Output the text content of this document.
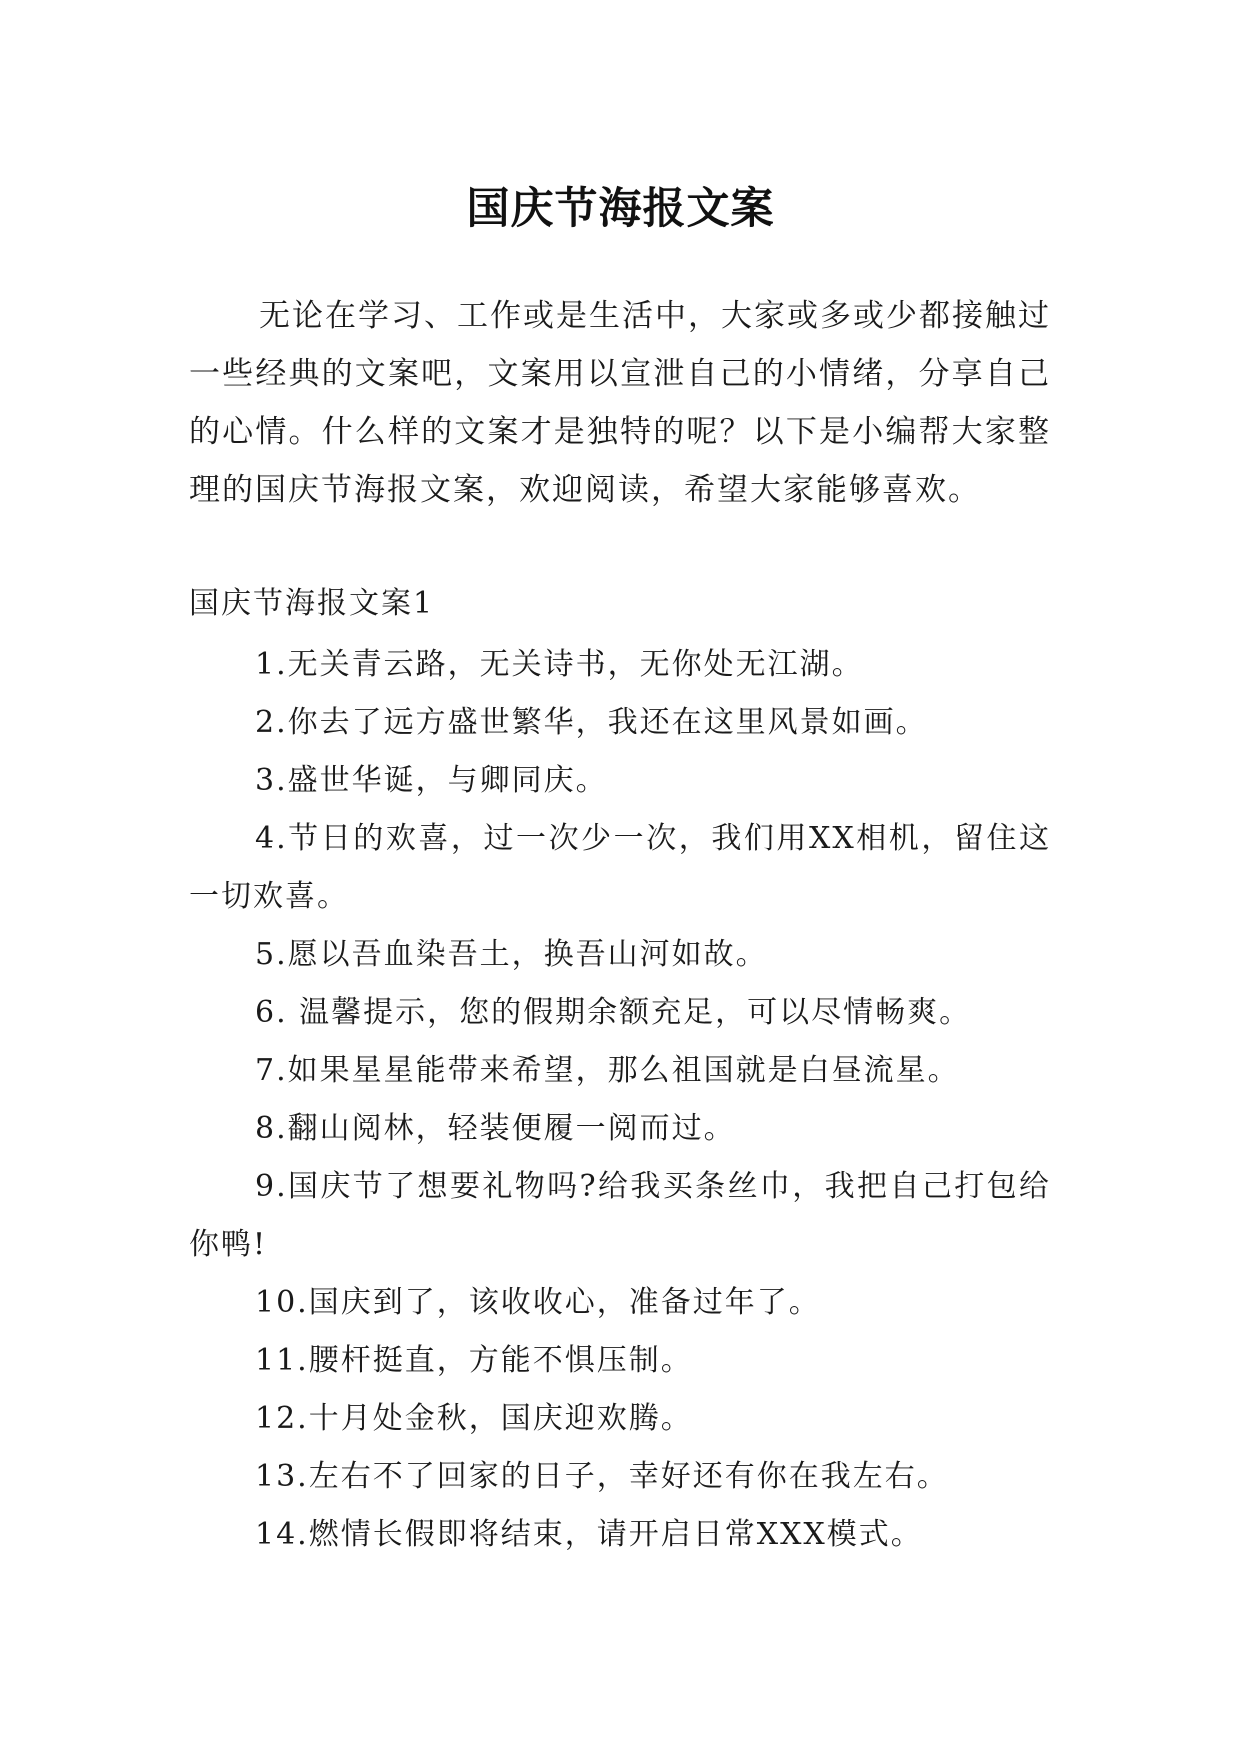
国庆节海报文案

无论在学习、工作或是生活中，大家或多或少都接触过一些经典的文案吧，文案用以宣泄自己的小情绪，分享自己的心情。什么样的文案才是独特的呢？以下是小编帮大家整理的国庆节海报文案，欢迎阅读，希望大家能够喜欢。

国庆节海报文案1

1.无关青云路，无关诗书，无你处无江湖。
2.你去了远方盛世繁华，我还在这里风景如画。
3.盛世华诞，与卿同庆。
4.节日的欢喜，过一次少一次，我们用XX相机，留住这一切欢喜。
5.愿以吾血染吾土，换吾山河如故。
6. 温馨提示，您的假期余额充足，可以尽情畅爽。
7.如果星星能带来希望，那么祖国就是白昼流星。
8.翻山阅林，轻装便履一阅而过。
9.国庆节了想要礼物吗?给我买条丝巾，我把自己打包给你鸭!
10.国庆到了，该收收心，准备过年了。
11.腰杆挺直，方能不惧压制。
12.十月处金秋，国庆迎欢腾。
13.左右不了回家的日子，幸好还有你在我左右。
14.燃情长假即将结束，请开启日常XXX模式。
